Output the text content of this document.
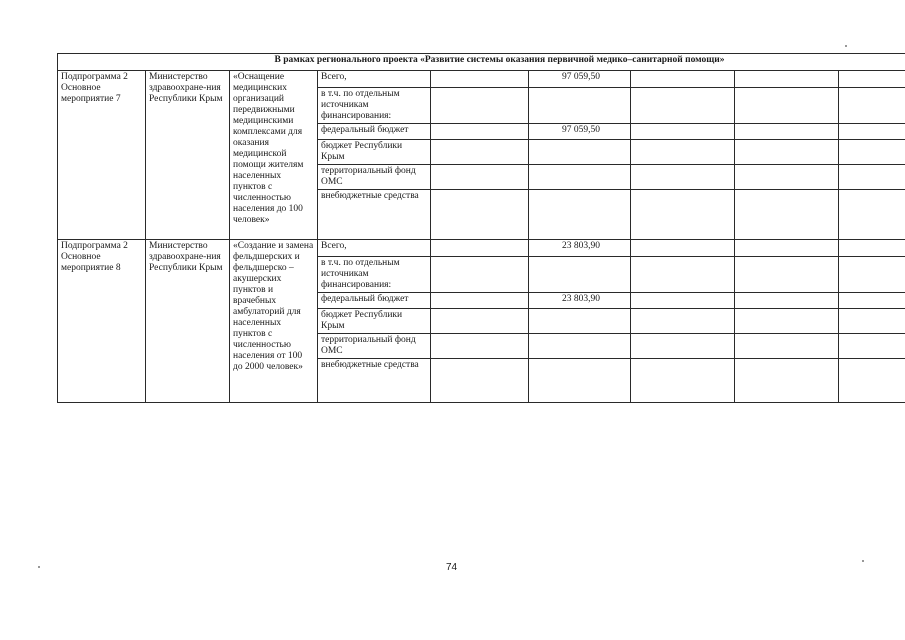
В рамках регионального проекта «Развитие системы оказания первичной медико–санитарной помощи»								
Подпрограмма 2 Основное мероприятие 7	Министерство здравоохране-ния Республики Крым	«Оснащение медицинских организаций передвижными медицинскими комплексами для оказания медицинской помощи жителям населенных пунктов с численностью населения до 100 человек»	Всего,		97 059,50			
			в т.ч. по отдельным источникам финансирования:					
			федеральный бюджет		97 059,50			
			бюджет Республики Крым					
			территориальный фонд ОМС					
			внебюджетные средства					
Подпрограмма 2 Основное мероприятие 8	Министерство здравоохране-ния Республики Крым	«Создание и замена фельдшерских и фельдшерско – акушерских пунктов и врачебных амбулаторий для населенных пунктов с численностью населения от 100 до 2000 человек»	Всего,		23 803,90			
			в т.ч. по отдельным источникам финансирования:					
			федеральный бюджет		23 803,90			
			бюджет Республики Крым					
			территориальный фонд ОМС					
			внебюджетные средства					
74
